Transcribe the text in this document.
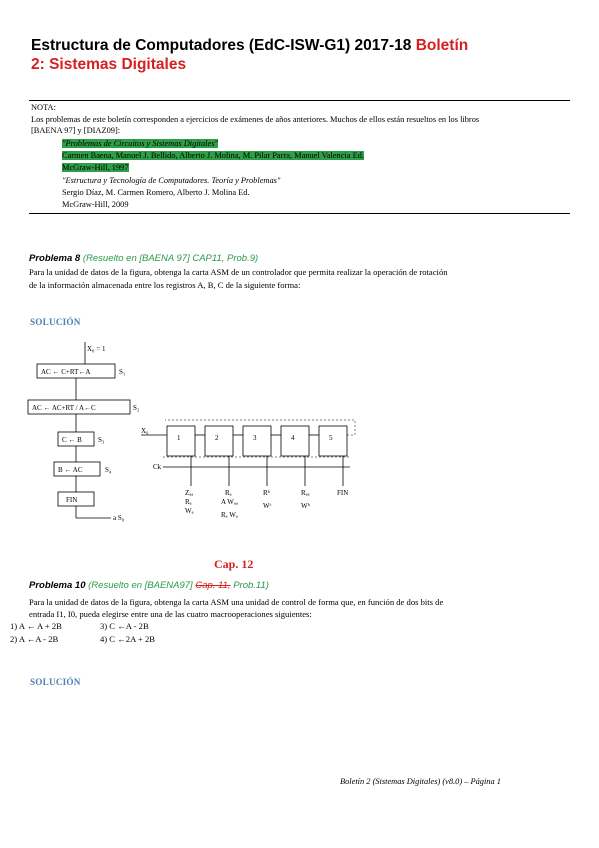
Estructura de Computadores (EdC-ISW-G1) 2017-18 Boletín
2: Sistemas Digitales
NOTA:
Los problemas de este boletín corresponden a ejercicios de exámenes de años anteriores. Muchos de ellos están resueltos en los libros
[BAENA 97] y [DIAZ09]:
"Problemas de Circuitos y Sistemas Digitales"
Carmen Baena, Manuel J. Bellido, Alberto J. Molina, M. Pilar Parra, Manuel Valencia Ed.
McGraw-Hill, 1997
"Estructura y Tecnología de Computadores. Teoría y Problemas"
Sergio Díaz, M. Carmen Romero, Alberto J. Molina Ed.
McGraw-Hill, 2009
Problema 8 (Resuelto en [BAENA 97] CAP11, Prob.9)
Para la unidad de datos de la figura, obtenga la carta ASM de un controlador que permita realizar la operación de rotación
de la información almacenada entre los registros A, B, C de la siguiente forma:
SOLUCIÓN
X₀ = 1
AC ← C+RT←A	S₁
AC ← AC+RT / A←C	S₂
C ← B S₃
B ← AC	S₄
FIN
a S₀
X₀
Ck
1	2	3	4	5
Zₐₐ
Rₐ
Wₐ
Rₐ
A Wₐₐ
Rₐ Wₐ
Rᵇ
Wᶜ
Rₐₐ
Wᵇ
FIN
Cap. 12
Problema 10 (Resuelto en [BAENA97] Cap. 11, Prob.11)
Para la unidad de datos de la figura, obtenga la carta ASM una unidad de control de forma que, en función de dos bits de
entrada I1, I0, pueda elegirse entre una de las cuatro macrooperaciones siguientes:
1) A ← A + 2B	3) C ←A - 2B
2) A ←A - 2B	4) C ←2A + 2B
SOLUCIÓN
Boletín 2 (Sistemas Digitales) (v8.0) – Página 1
